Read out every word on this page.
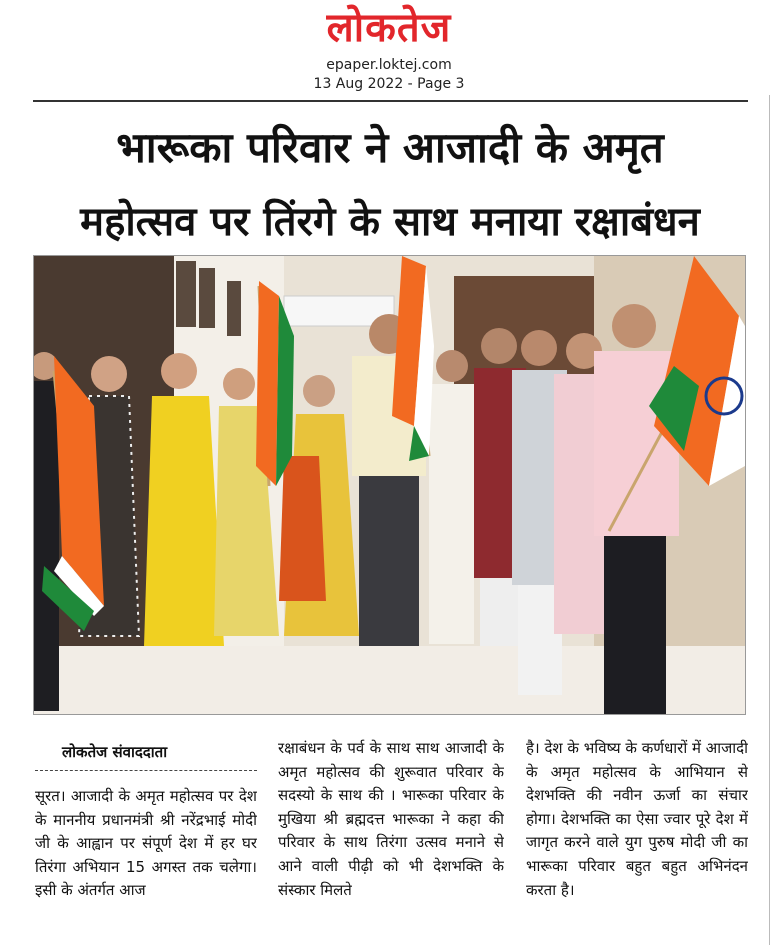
लोकतेज
epaper.loktej.com
13 Aug 2022 - Page 3
भारूका परिवार ने आजादी के अमृत
महोत्सव पर तिंरगे के साथ मनाया रक्षाबंधन
लोकतेज संवाददाता
सूरत। आजादी के अमृत महोत्सव पर देश के माननीय प्रधानमंत्री श्री नरेंद्रभाई मोदी जी के आह्वान पर संपूर्ण देश में हर घर तिरंगा अभियान 15 अगस्त तक चलेगा। इसी के अंतर्गत आज
रक्षाबंधन के पर्व के साथ साथ आजादी के अमृत महोत्सव की शुरूवात परिवार के सदस्यो के साथ की । भारूका परिवार के मुखिया श्री ब्रह्मदत्त भारूका ने कहा की परिवार के साथ तिरंगा उत्सव मनाने से आने वाली पीढ़ी को भी देशभक्ति के संस्कार मिलते
है। देश के भविष्य के कर्णधारों में आजादी के अमृत महोत्सव के आभियान से देशभक्ति की नवीन ऊर्जा का संचार होगा। देशभक्ति का ऐसा ज्वार पूरे देश में जागृत करने वाले युग पुरुष मोदी जी का भारूका परिवार बहुत बहुत अभिनंदन करता है।
